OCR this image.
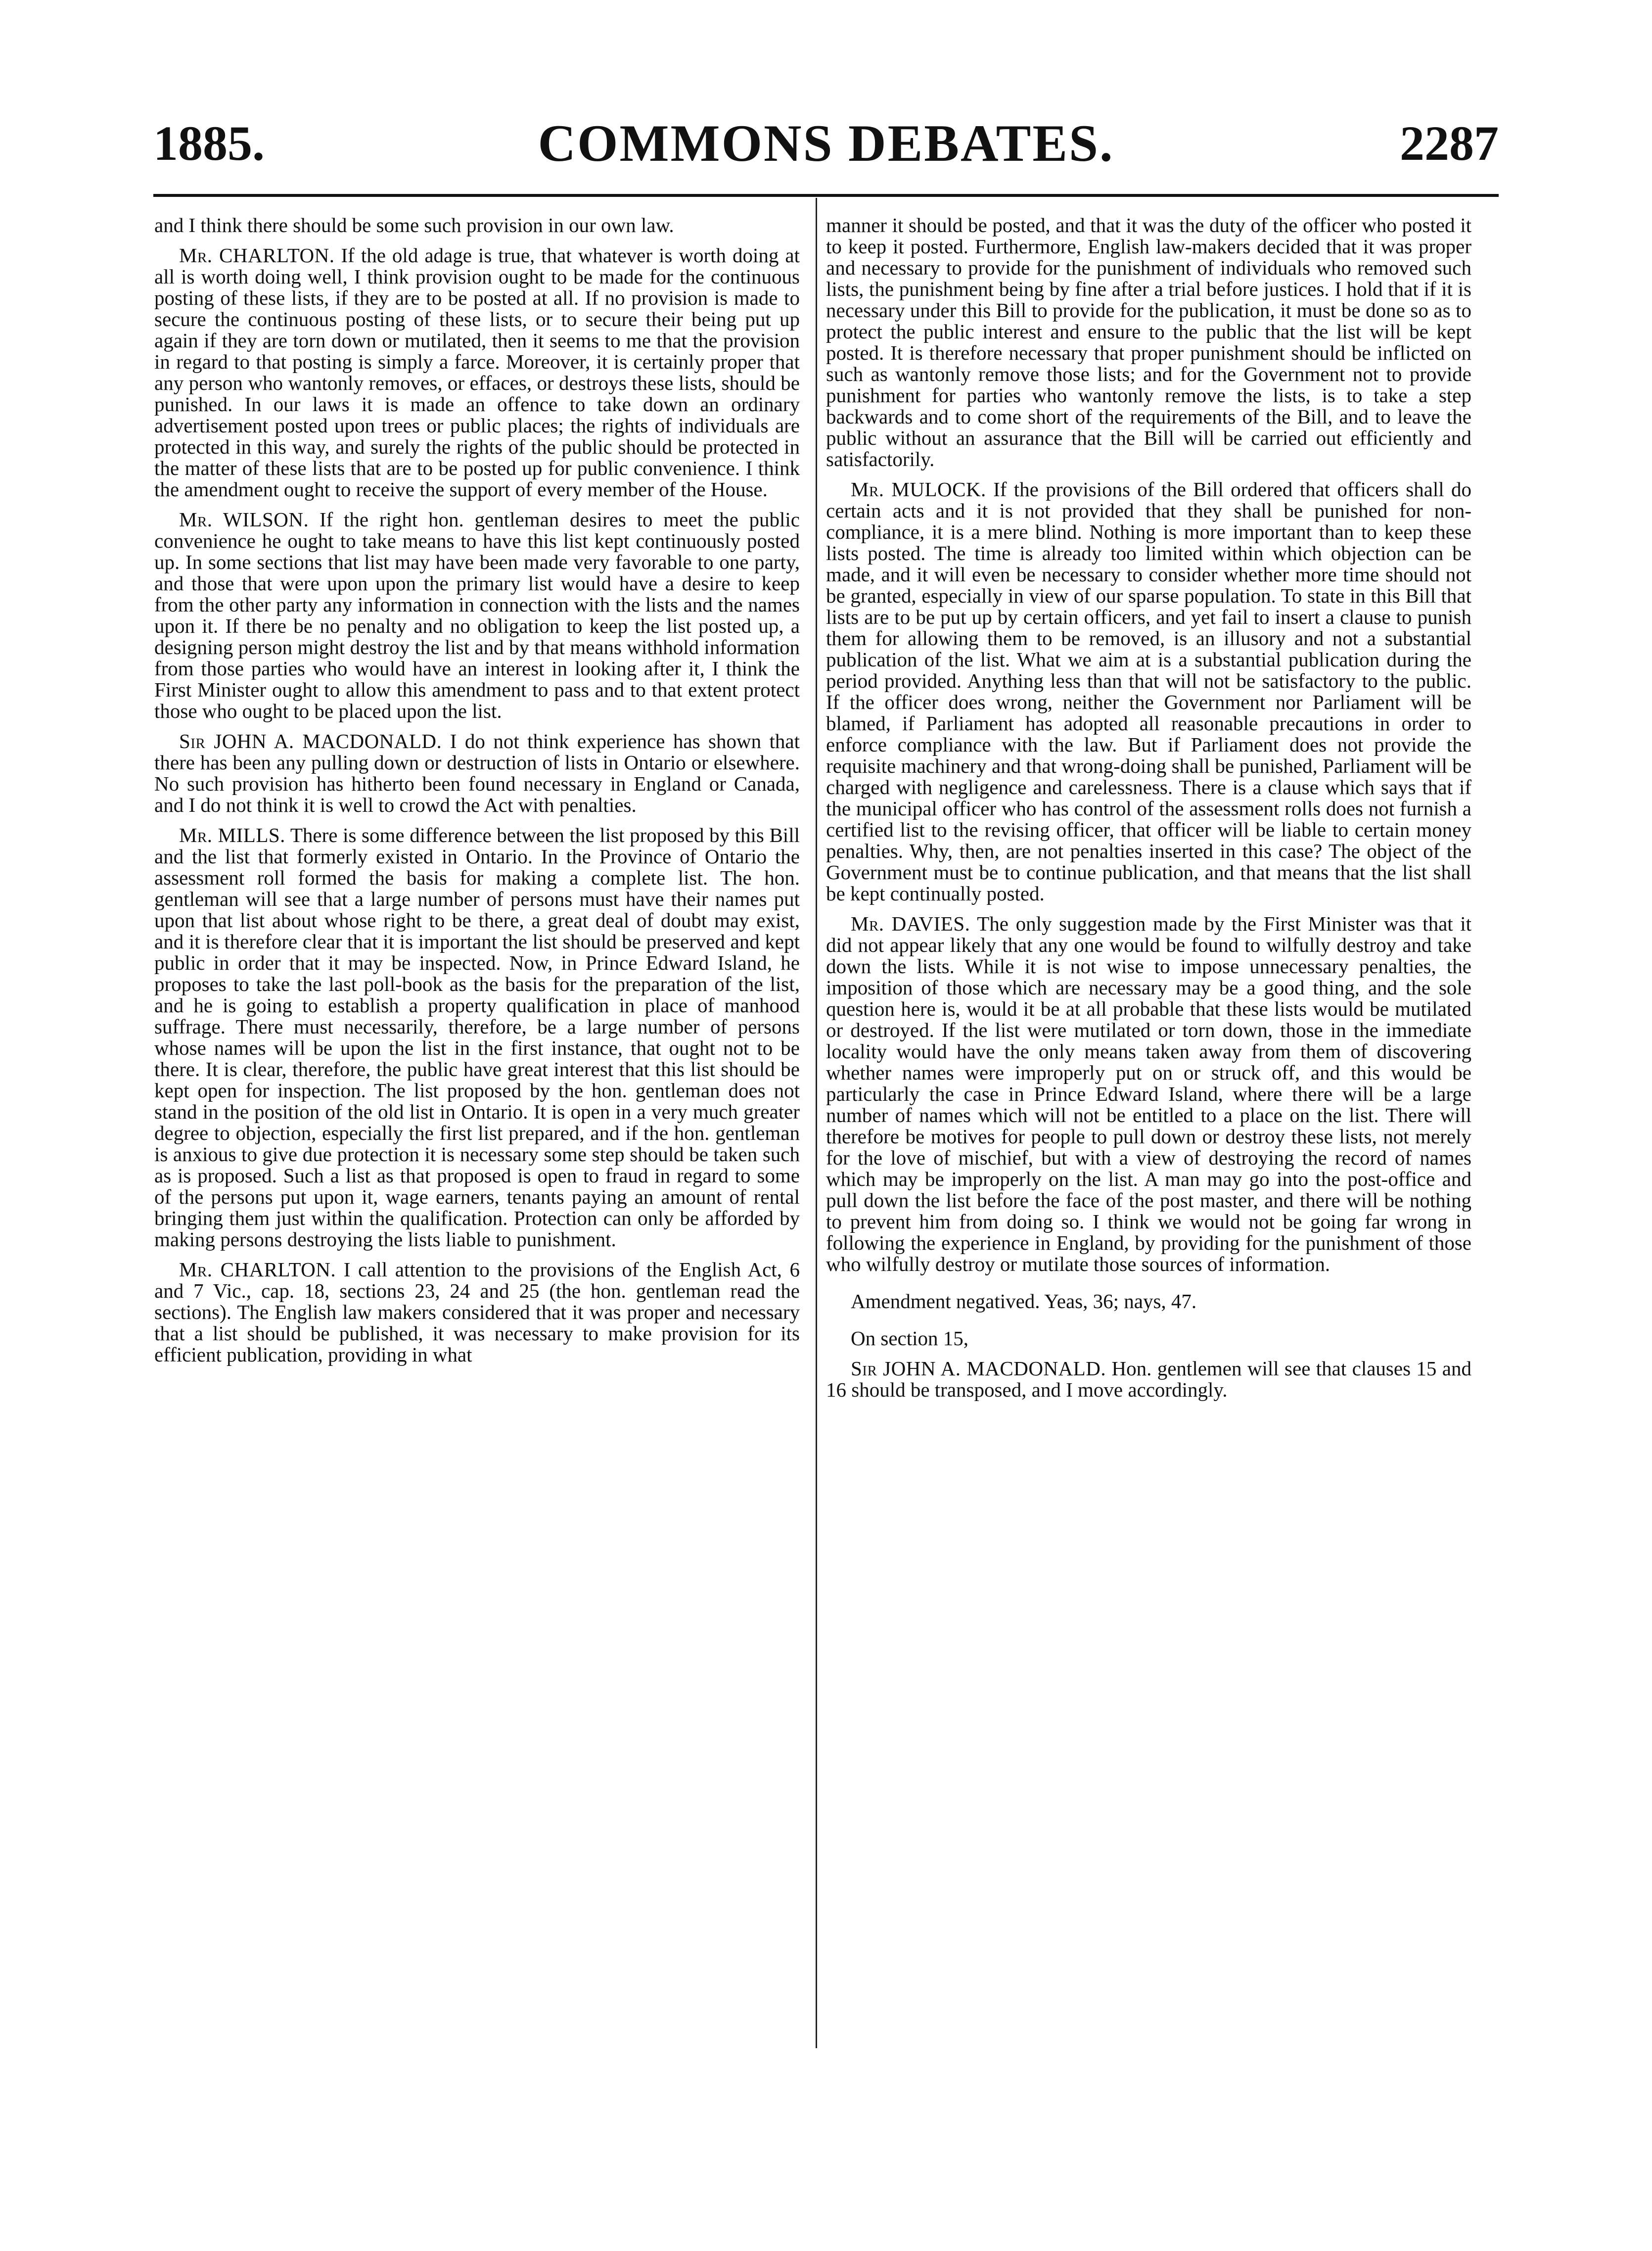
1885.	COMMONS DEBATES.	2287

and I think there should be some such provision in our own law.

Mr. CHARLTON. If the old adage is true, that whatever is worth doing at all is worth doing well, I think provision ought to be made for the continuous posting of these lists, if they are to be posted at all. If no provision is made to secure the continuous posting of these lists, or to secure their being put up again if they are torn down or mutilated, then it seems to me that the provision in regard to that posting is simply a farce. Moreover, it is certainly proper that any person who wantonly removes, or effaces, or destroys these lists, should be punished. In our laws it is made an offence to take down an ordinary advertisement posted upon trees or public places; the rights of individuals are protected in this way, and surely the rights of the public should be protected in the matter of these lists that are to be posted up for public convenience. I think the amendment ought to receive the support of every member of the House.

Mr. WILSON. If the right hon. gentleman desires to meet the public convenience he ought to take means to have this list kept continuously posted up. In some sections that list may have been made very favorable to one party, and those that were upon upon the primary list would have a desire to keep from the other party any information in connection with the lists and the names upon it. If there be no penalty and no obligation to keep the list posted up, a designing person might destroy the list and by that means withhold information from those parties who would have an interest in looking after it, I think the First Minister ought to allow this amendment to pass and to that extent protect those who ought to be placed upon the list.

Sir JOHN A. MACDONALD. I do not think experience has shown that there has been any pulling down or destruction of lists in Ontario or elsewhere. No such provision has hitherto been found necessary in England or Canada, and I do not think it is well to crowd the Act with penalties.

Mr. MILLS. There is some difference between the list proposed by this Bill and the list that formerly existed in Ontario. In the Province of Ontario the assessment roll formed the basis for making a complete list. The hon. gentleman will see that a large number of persons must have their names put upon that list about whose right to be there, a great deal of doubt may exist, and it is therefore clear that it is important the list should be preserved and kept public in order that it may be inspected. Now, in Prince Edward Island, he proposes to take the last poll-book as the basis for the preparation of the list, and he is going to establish a property qualification in place of manhood suffrage. There must necessarily, therefore, be a large number of persons whose names will be upon the list in the first instance, that ought not to be there. It is clear, therefore, the public have great interest that this list should be kept open for inspection. The list proposed by the hon. gentleman does not stand in the position of the old list in Ontario. It is open in a very much greater degree to objection, especially the first list prepared, and if the hon. gentleman is anxious to give due protection it is necessary some step should be taken such as is proposed. Such a list as that proposed is open to fraud in regard to some of the persons put upon it, wage earners, tenants paying an amount of rental bringing them just within the qualification. Protection can only be afforded by making persons destroying the lists liable to punishment.

Mr. CHARLTON. I call attention to the provisions of the English Act, 6 and 7 Vic., cap. 18, sections 23, 24 and 25 (the hon. gentleman read the sections). The English law makers considered that it was proper and necessary that a list should be published, it was necessary to make provision for its efficient publication, providing in what

manner it should be posted, and that it was the duty of the officer who posted it to keep it posted. Furthermore, English law-makers decided that it was proper and necessary to provide for the punishment of individuals who removed such lists, the punishment being by fine after a trial before justices. I hold that if it is necessary under this Bill to provide for the publication, it must be done so as to protect the public interest and ensure to the public that the list will be kept posted. It is therefore necessary that proper punishment should be inflicted on such as wantonly remove those lists; and for the Government not to provide punishment for parties who wantonly remove the lists, is to take a step backwards and to come short of the requirements of the Bill, and to leave the public without an assurance that the Bill will be carried out efficiently and satisfactorily.

Mr. MULOCK. If the provisions of the Bill ordered that officers shall do certain acts and it is not provided that they shall be punished for non-compliance, it is a mere blind. Nothing is more important than to keep these lists posted. The time is already too limited within which objection can be made, and it will even be necessary to consider whether more time should not be granted, especially in view of our sparse population. To state in this Bill that lists are to be put up by certain officers, and yet fail to insert a clause to punish them for allowing them to be removed, is an illusory and not a substantial publication of the list. What we aim at is a substantial publication during the period provided. Anything less than that will not be satisfactory to the public. If the officer does wrong, neither the Government nor Parliament will be blamed, if Parliament has adopted all reasonable precautions in order to enforce compliance with the law. But if Parliament does not provide the requisite machinery and that wrong-doing shall be punished, Parliament will be charged with negligence and carelessness. There is a clause which says that if the municipal officer who has control of the assessment rolls does not furnish a certified list to the revising officer, that officer will be liable to certain money penalties. Why, then, are not penalties inserted in this case? The object of the Government must be to continue publication, and that means that the list shall be kept continually posted.

Mr. DAVIES. The only suggestion made by the First Minister was that it did not appear likely that any one would be found to wilfully destroy and take down the lists. While it is not wise to impose unnecessary penalties, the imposition of those which are necessary may be a good thing, and the sole question here is, would it be at all probable that these lists would be mutilated or destroyed. If the list were mutilated or torn down, those in the immediate locality would have the only means taken away from them of discovering whether names were improperly put on or struck off, and this would be particularly the case in Prince Edward Island, where there will be a large number of names which will not be entitled to a place on the list. There will therefore be motives for people to pull down or destroy these lists, not merely for the love of mischief, but with a view of destroying the record of names which may be improperly on the list. A man may go into the post-office and pull down the list before the face of the post master, and there will be nothing to prevent him from doing so. I think we would not be going far wrong in following the experience in England, by providing for the punishment of those who wilfully destroy or mutilate those sources of information.

Amendment negatived. Yeas, 36; nays, 47.

On section 15,

Sir JOHN A. MACDONALD. Hon. gentlemen will see that clauses 15 and 16 should be transposed, and I move accordingly.
